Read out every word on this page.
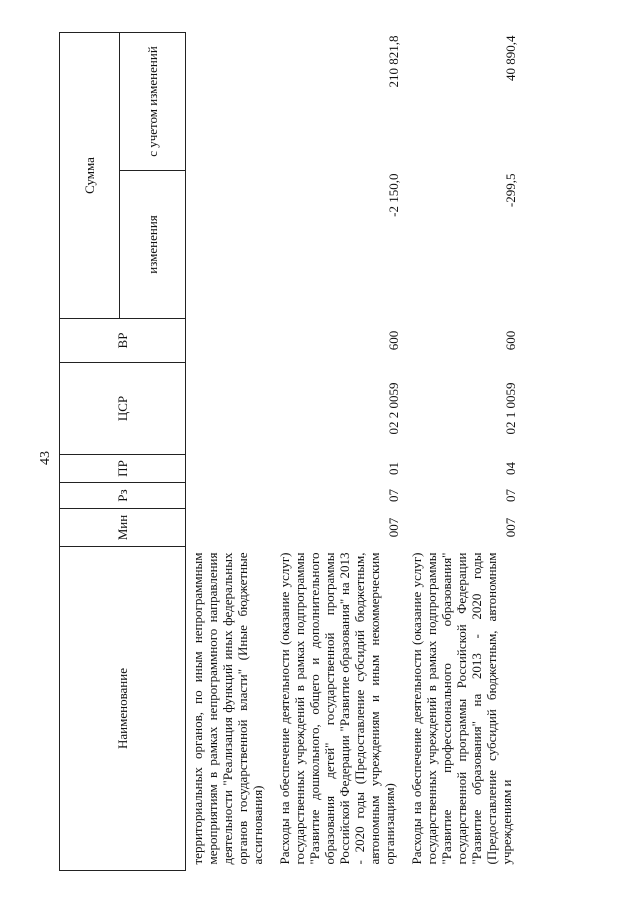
43
Наименование	Мин	Рз	ПР	ЦСР	ВР	Сумма	
						изменения	с учетом изменений
территориальных органов, по иным непрограммным мероприятиям в рамках непрограммного направления деятельности "Реализация функций иных федеральных органов государственной власти" (Иные бюджетные ассигнования)							
Расходы на обеспечение деятельности (оказание услуг) государственных учреждений в рамках подпрограммы "Развитие дошкольного, общего и дополнительного образования детей" государственной программы Российской Федерации "Развитие образования" на 2013 - 2020 годы (Предоставление субсидий бюджетным, автономным учреждениям и иным некоммерческим организациям)	007	07	01	02 2 0059	600	-2 150,0	210 821,8
Расходы на обеспечение деятельности (оказание услуг) государственных учреждений в рамках подпрограммы "Развитие профессионального образования" государственной программы Российской Федерации "Развитие образования" на 2013 - 2020 годы (Предоставление субсидий бюджетным, автономным учреждениям и	007	07	04	02 1 0059	600	-299,5	40 890,4
